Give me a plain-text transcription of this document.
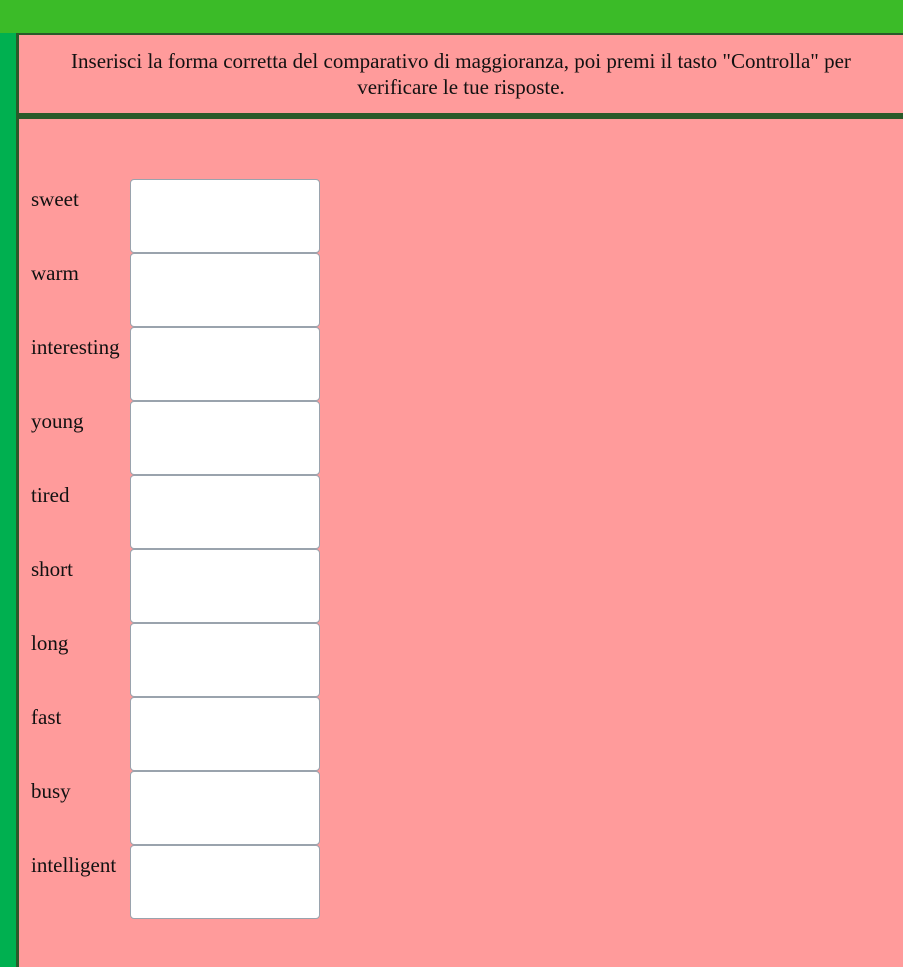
Inserisci la forma corretta del comparativo di maggioranza, poi premi il tasto "Controlla" per verificare le tue risposte.
sweet
warm
interesting
young
tired
short
long
fast
busy
intelligent
